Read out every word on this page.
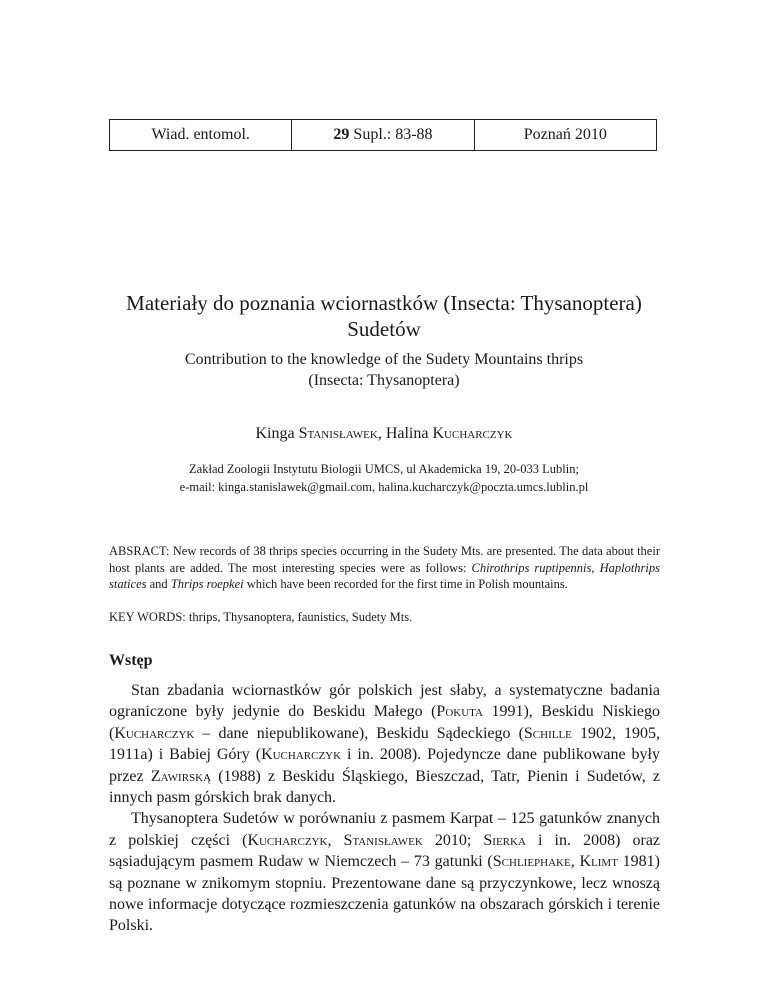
Wiad. entomol.	29 Supl.: 83-88	Poznań 2010
Materiały do poznania wciornastków (Insecta: Thysanoptera)
Sudetów
Contribution to the knowledge of the Sudety Mountains thrips
(Insecta: Thysanoptera)
Kinga Stanisławek, Halina Kucharczyk
Zakład Zoologii Instytutu Biologii UMCS, ul Akademicka 19, 20-033 Lublin;
e-mail: kinga.stanislawek@gmail.com, halina.kucharczyk@poczta.umcs.lublin.pl
ABSRACT: New records of 38 thrips species occurring in the Sudety Mts. are presented. The data about their host plants are added. The most interesting species were as follows: Chirothrips ruptipennis, Haplothrips statices and Thrips roepkei which have been recorded for the first time in Polish mountains.
KEY WORDS: thrips, Thysanoptera, faunistics, Sudety Mts.
Wstęp

Stan zbadania wciornastków gór polskich jest słaby, a systematyczne badania ograniczone były jedynie do Beskidu Małego (Pokuta 1991), Beskidu Niskiego (Kucharczyk – dane niepublikowane), Beskidu Sądeckiego (Schille 1902, 1905, 1911a) i Babiej Góry (Kucharczyk i in. 2008). Pojedyncze dane publikowane były przez Zawirską (1988) z Beskidu Śląskiego, Bieszczad, Tatr, Pienin i Sudetów, z innych pasm górskich brak danych.

Thysanoptera Sudetów w porównaniu z pasmem Karpat – 125 gatunków znanych z polskiej części (Kucharczyk, Stanisławek 2010; Sierka i in. 2008) oraz sąsiadującym pasmem Rudaw w Niemczech – 73 gatunki (Schliephake, Klimt 1981) są poznane w znikomym stopniu. Prezentowane dane są przyczynkowe, lecz wnoszą nowe informacje dotyczące rozmieszczenia gatunków na obszarach górskich i terenie Polski.
